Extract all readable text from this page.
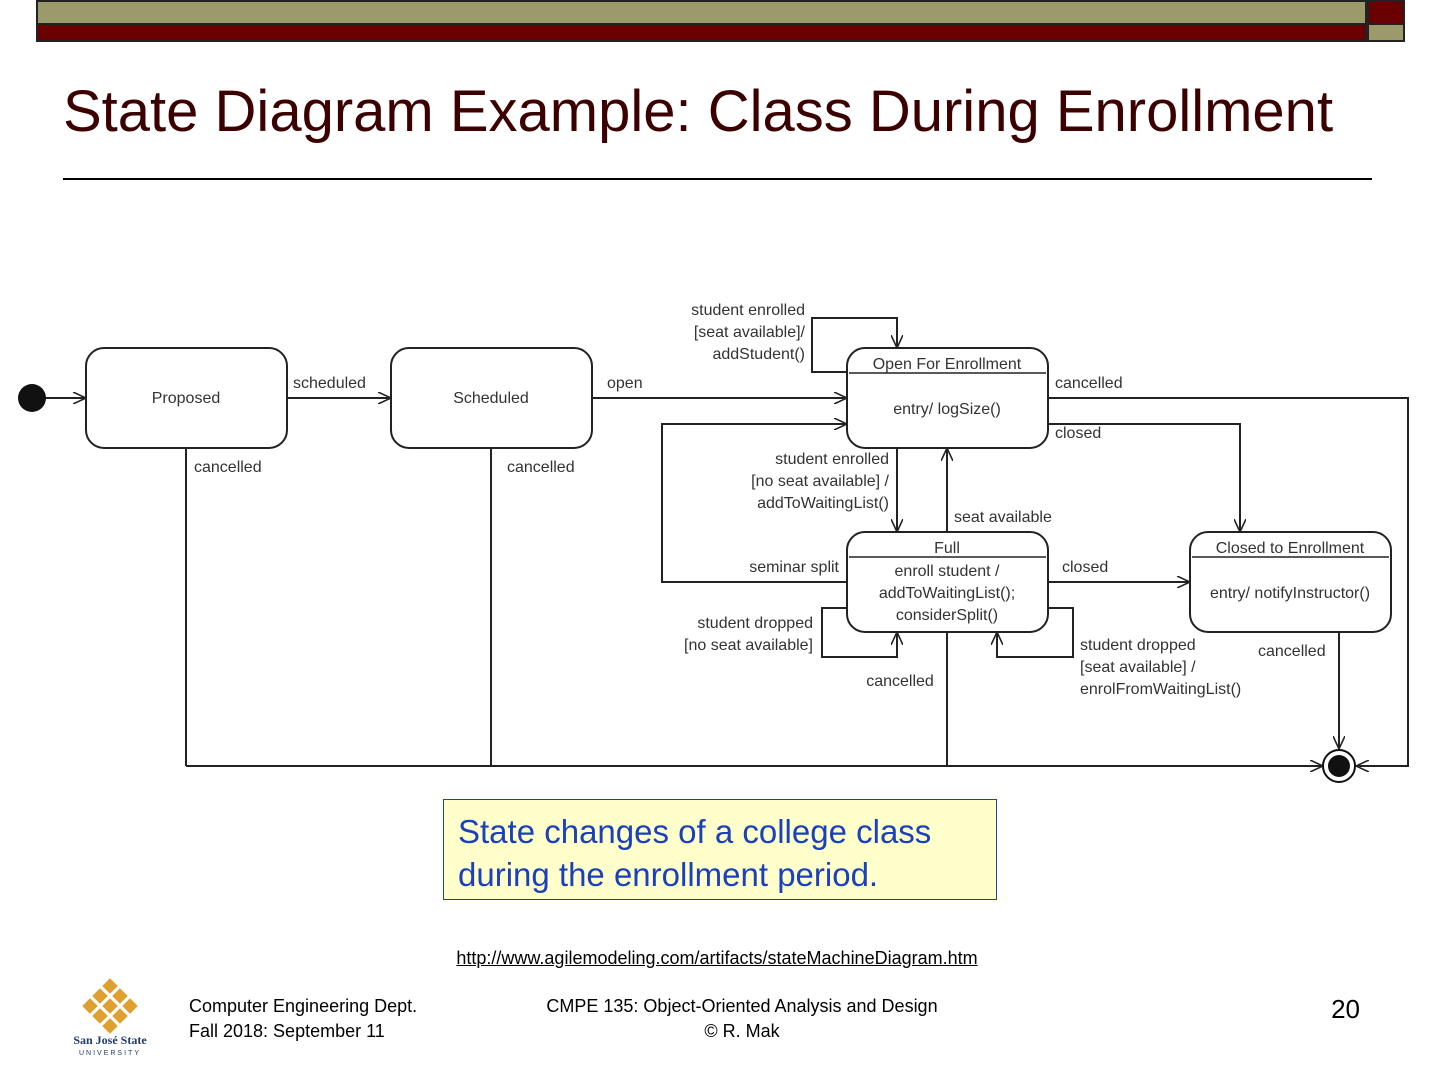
State Diagram Example: Class During Enrollment
Proposed	Scheduled
Open For Enrollment
entry/ logSize()
Full
enroll student /
addToWaitingList();
considerSplit()
Closed to Enrollment
entry/ notifyInstructor()
scheduled	open
cancelled	cancelled
cancelled
closed
student enrolled
[seat available]/
addStudent()
student enrolled
[no seat available] /
addToWaitingList()
seat available
seminar split	closed
student dropped
[no seat available]
cancelled
student dropped
[seat available] /
enrolFromWaitingList()
cancelled
State changes of a college class
during the enrollment period.
http://www.agilemodeling.com/artifacts/stateMachineDiagram.htm
San José State
UNIVERSITY
Computer Engineering Dept.
Fall 2018: September 11
CMPE 135: Object-Oriented Analysis and Design
© R. Mak
20
